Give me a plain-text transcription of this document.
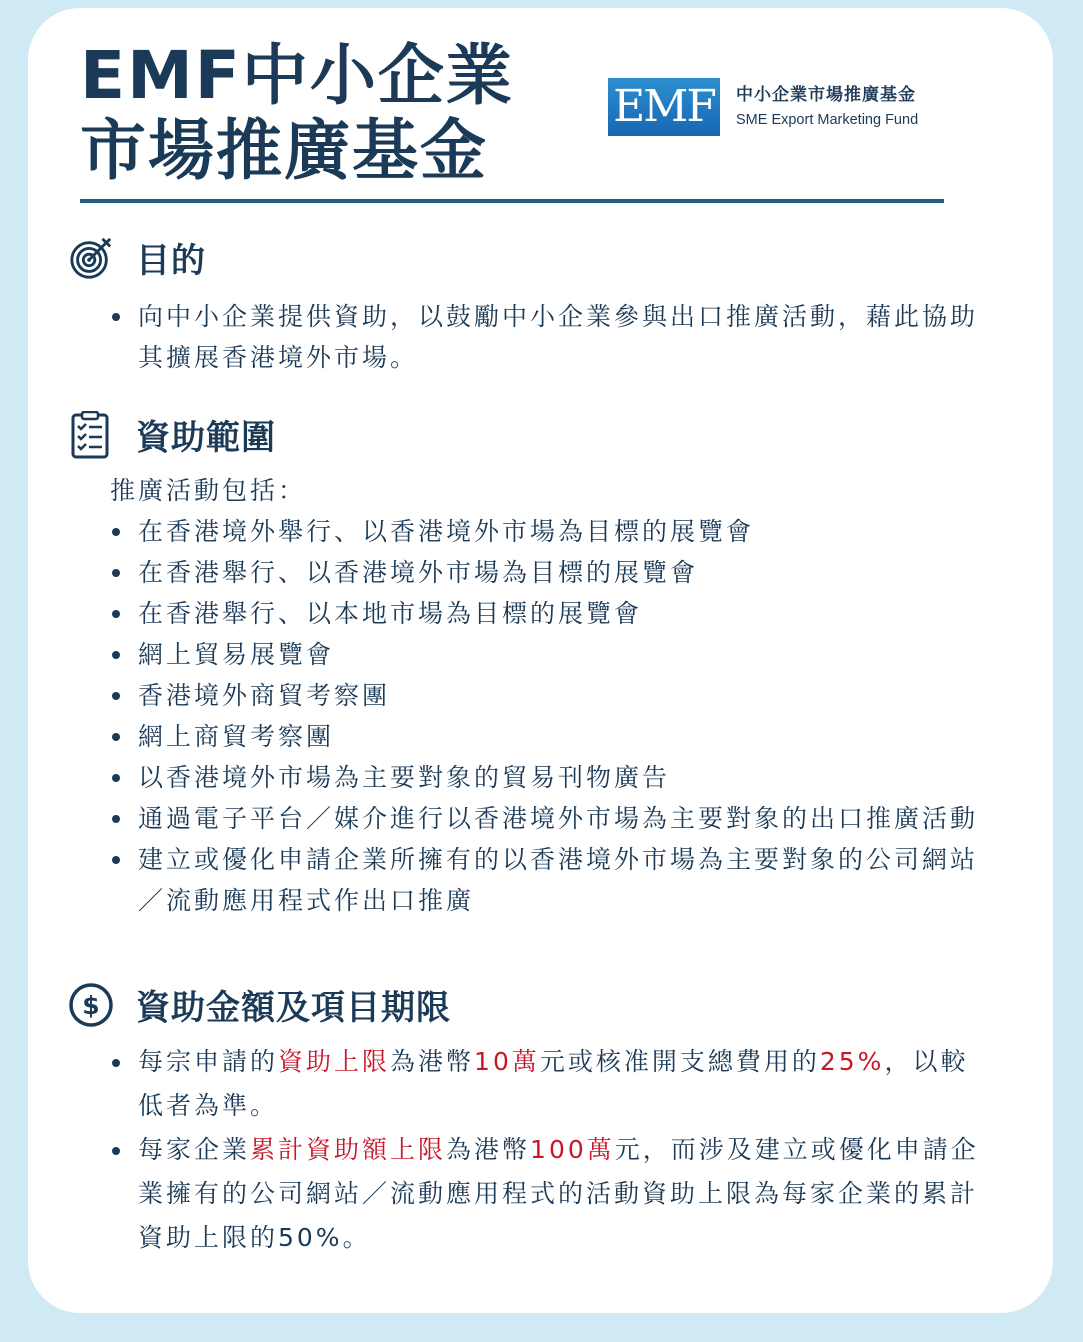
EMF中小企業
市場推廣基金
EMF	中小企業市場推廣基金
SME Export Marketing Fund
目的
向中小企業提供資助，以鼓勵中小企業參與出口推廣活動，藉此協助其擴展香港境外市場。
資助範圍
推廣活動包括：
在香港境外舉行、以香港境外市場為目標的展覽會
在香港舉行、以香港境外市場為目標的展覽會
在香港舉行、以本地市場為目標的展覽會
網上貿易展覽會
香港境外商貿考察團
網上商貿考察團
以香港境外市場為主要對象的貿易刊物廣告
通過電子平台／媒介進行以香港境外市場為主要對象的出口推廣活動
建立或優化申請企業所擁有的以香港境外市場為主要對象的公司網站／流動應用程式作出口推廣
$ 資助金額及項目期限
每宗申請的資助上限為港幣10萬元或核准開支總費用的25%，以較低者為準。
每家企業累計資助額上限為港幣100萬元，而涉及建立或優化申請企業擁有的公司網站／流動應用程式的活動資助上限為每家企業的累計資助上限的50%。
